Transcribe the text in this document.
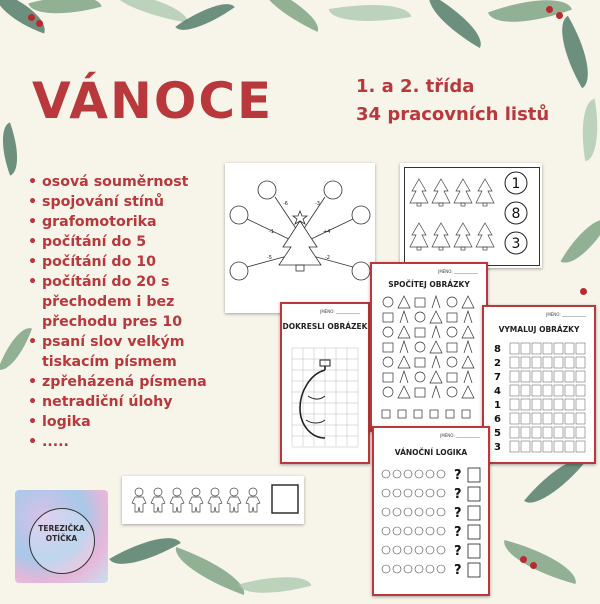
VÁNOCE	1. a 2. třída
34 pracovních listů
• osová souměrnost
• spojování stínů
• grafomotorika
• počítání do 5
• počítání do 10
• počítání do 20 s
přechodem i bez
přechodu pres 10
• psaní slov velkým
tiskacím písmem
• zpřeházená písmena
• netradiční úlohy
• logika
• .....
-6	-3
-1	+4
-5	-2
1
8
3
JMÉNO: ____________
DOKRESLI OBRÁZEK
JMÉNO: ____________
SPOČÍTEJ OBRÁZKY
JMÉNO: ____________
VYMALUJ OBRÁZKY
8
2
7
4
1
6
5
3
JMÉNO: ____________
VÁNOČNÍ LOGIKA
?
?
?
?
?
?
TEREZIČKA
OTÍČKA
